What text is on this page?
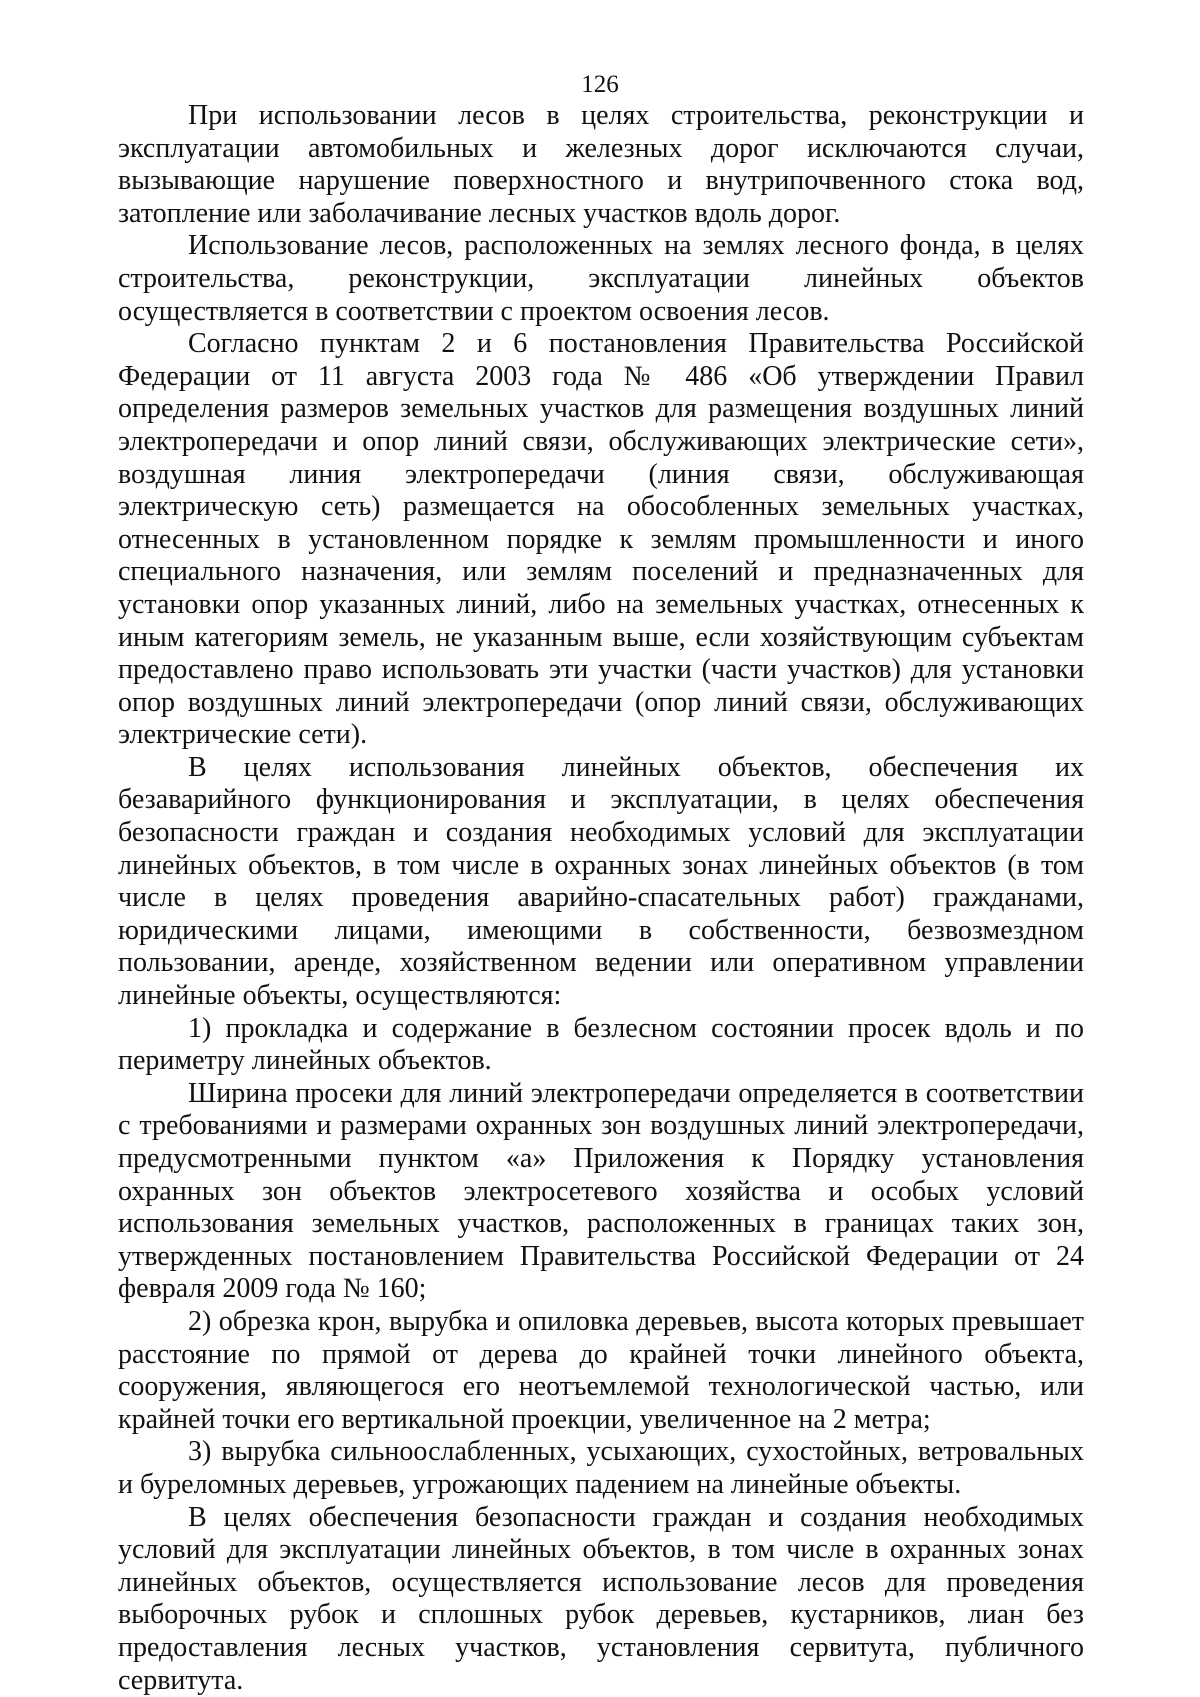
126

При использовании лесов в целях строительства, реконструкции и эксплуатации автомобильных и железных дорог исключаются случаи, вызывающие нарушение поверхностного и внутрипочвенного стока вод, затопление или заболачивание лесных участков вдоль дорог.

Использование лесов, расположенных на землях лесного фонда, в целях строительства, реконструкции, эксплуатации линейных объектов осуществляется в соответствии с проектом освоения лесов.

Согласно пунктам 2 и 6 постановления Правительства Российской Федерации от 11 августа 2003 года № 486 «Об утверждении Правил определения размеров земельных участков для размещения воздушных линий электропередачи и опор линий связи, обслуживающих электрические сети», воздушная линия электропередачи (линия связи, обслуживающая электрическую сеть) размещается на обособленных земельных участках, отнесенных в установленном порядке к землям промышленности и иного специального назначения, или землям поселений и предназначенных для установки опор указанных линий, либо на земельных участках, отнесенных к иным категориям земель, не указанным выше, если хозяйствующим субъектам предоставлено право использовать эти участки (части участков) для установки опор воздушных линий электропередачи (опор линий связи, обслуживающих электрические сети).

В целях использования линейных объектов, обеспечения их безаварийного функционирования и эксплуатации, в целях обеспечения безопасности граждан и создания необходимых условий для эксплуатации линейных объектов, в том числе в охранных зонах линейных объектов (в том числе в целях проведения аварийно-спасательных работ) гражданами, юридическими лицами, имеющими в собственности, безвозмездном пользовании, аренде, хозяйственном ведении или оперативном управлении линейные объекты, осуществляются:

1) прокладка и содержание в безлесном состоянии просек вдоль и по периметру линейных объектов.

Ширина просеки для линий электропередачи определяется в соответствии с требованиями и размерами охранных зон воздушных линий электропередачи, предусмотренными пунктом «а» Приложения к Порядку установления охранных зон объектов электросетевого хозяйства и особых условий использования земельных участков, расположенных в границах таких зон, утвержденных постановлением Правительства Российской Федерации от 24 февраля 2009 года № 160;

2) обрезка крон, вырубка и опиловка деревьев, высота которых превышает расстояние по прямой от дерева до крайней точки линейного объекта, сооружения, являющегося его неотъемлемой технологической частью, или крайней точки его вертикальной проекции, увеличенное на 2 метра;

3) вырубка сильноослабленных, усыхающих, сухостойных, ветровальных и буреломных деревьев, угрожающих падением на линейные объекты.

В целях обеспечения безопасности граждан и создания необходимых условий для эксплуатации линейных объектов, в том числе в охранных зонах линейных объектов, осуществляется использование лесов для проведения выборочных рубок и сплошных рубок деревьев, кустарников, лиан без предоставления лесных участков, установления сервитута, публичного сервитута.
